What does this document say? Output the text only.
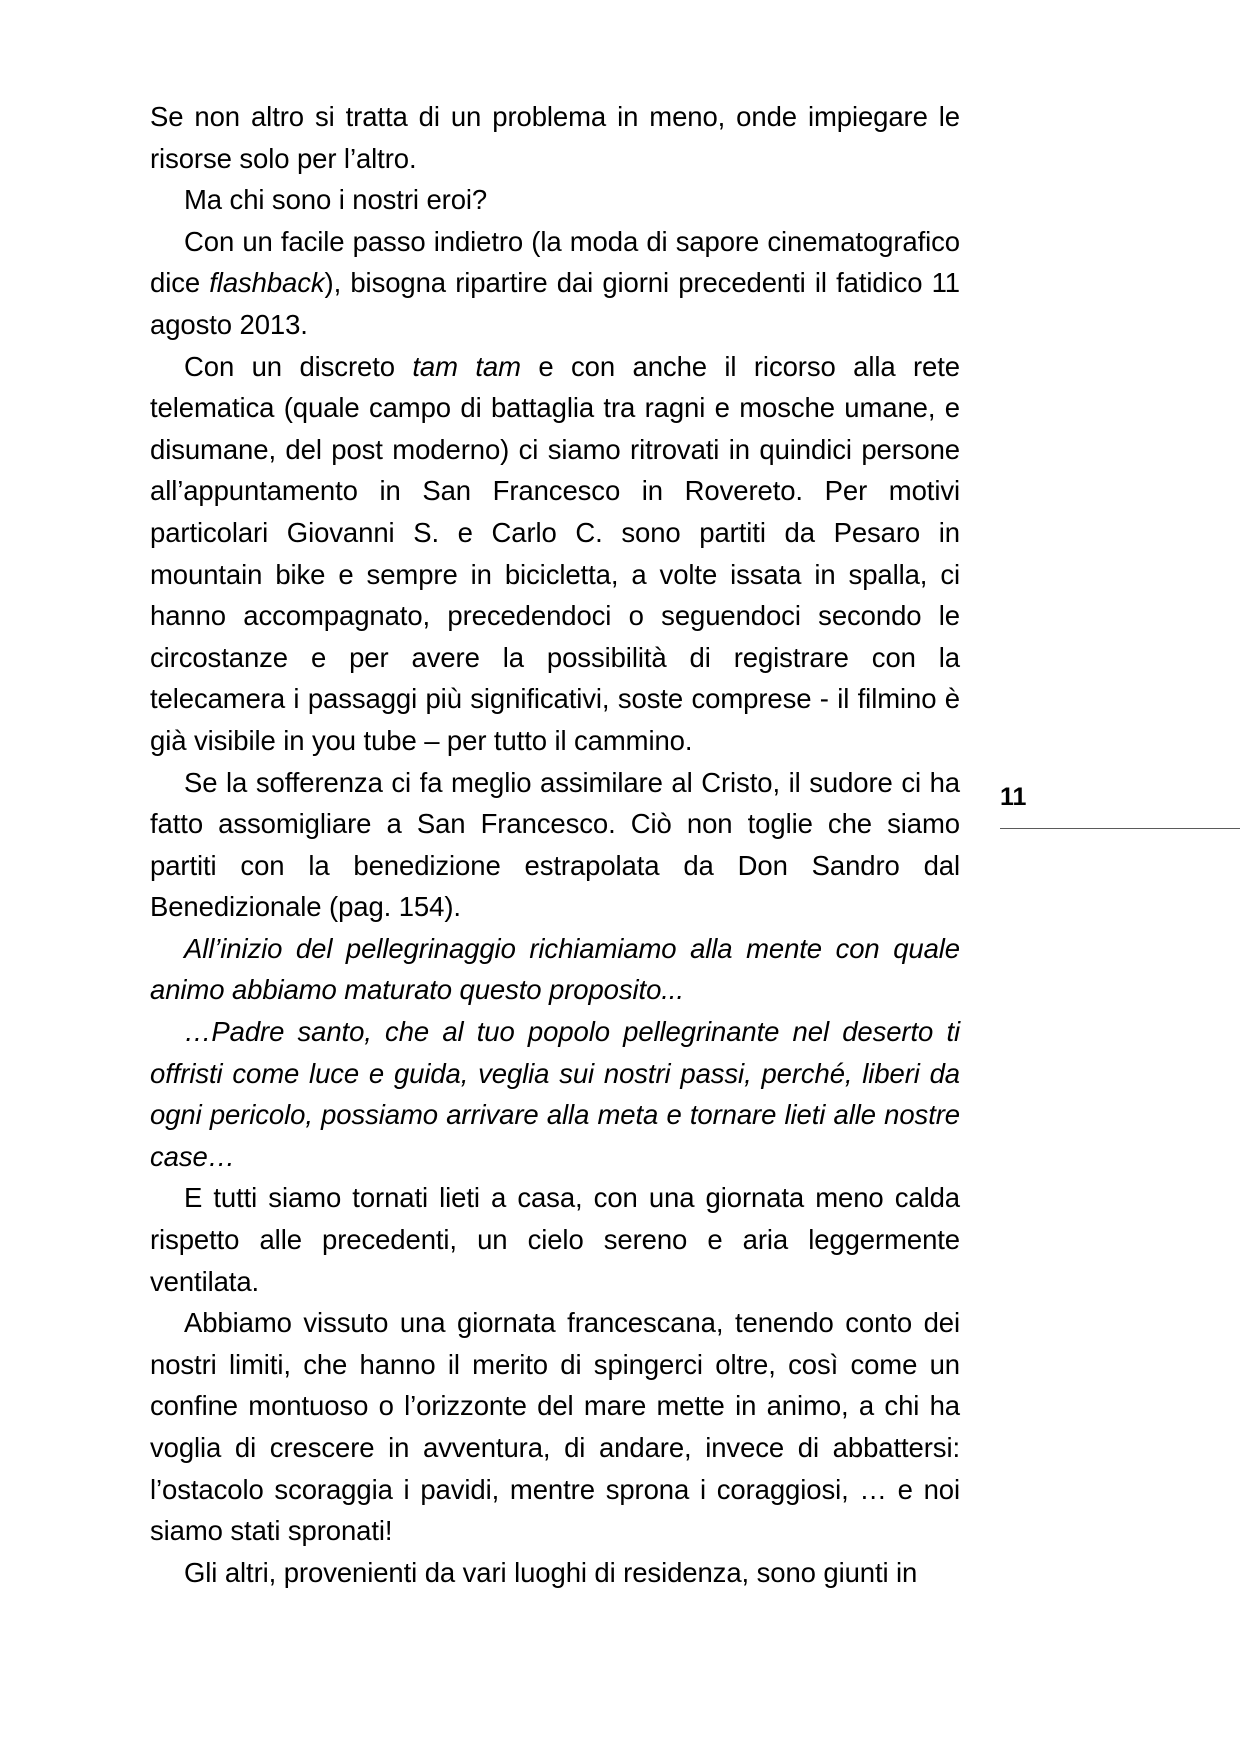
Se non altro si tratta di un problema in meno, onde impiegare le risorse solo per l’altro.

Ma chi sono i nostri eroi?

Con un facile passo indietro (la moda di sapore cinematografico dice flashback), bisogna ripartire dai giorni precedenti il fatidico 11 agosto 2013.

Con un discreto tam tam e con anche il ricorso alla rete telematica (quale campo di battaglia tra ragni e mosche umane, e disumane, del post moderno) ci siamo ritrovati in quindici persone all’appuntamento in San Francesco in Rovereto. Per motivi particolari Giovanni S. e Carlo C. sono partiti da Pesaro in mountain bike e sempre in bicicletta, a volte issata in spalla, ci hanno accompagnato, precedendoci o seguendoci secondo le circostanze e per avere la possibilità di registrare con la telecamera i passaggi più significativi, soste comprese - il filmino è già visibile in you tube – per tutto il cammino.

Se la sofferenza ci fa meglio assimilare al Cristo, il sudore ci ha fatto assomigliare a San Francesco. Ciò non toglie che siamo partiti con la benedizione estrapolata da Don Sandro dal Benedizionale (pag. 154).

All’inizio del pellegrinaggio richiamiamo alla mente con quale animo abbiamo maturato questo proposito...

…Padre santo, che al tuo popolo pellegrinante nel deserto ti offristi come luce e guida, veglia sui nostri passi, perché, liberi da ogni pericolo, possiamo arrivare alla meta e tornare lieti alle nostre case…

E tutti siamo tornati lieti a casa, con una giornata meno calda rispetto alle precedenti, un cielo sereno e aria leggermente ventilata.

Abbiamo vissuto una giornata francescana, tenendo conto dei nostri limiti, che hanno il merito di spingerci oltre, così come un confine montuoso o l’orizzonte del mare mette in animo, a chi ha voglia di crescere in avventura, di andare, invece di abbattersi: l’ostacolo scoraggia i pavidi, mentre sprona i coraggiosi, … e noi siamo stati spronati!

Gli altri, provenienti da vari luoghi di residenza, sono giunti in

11
